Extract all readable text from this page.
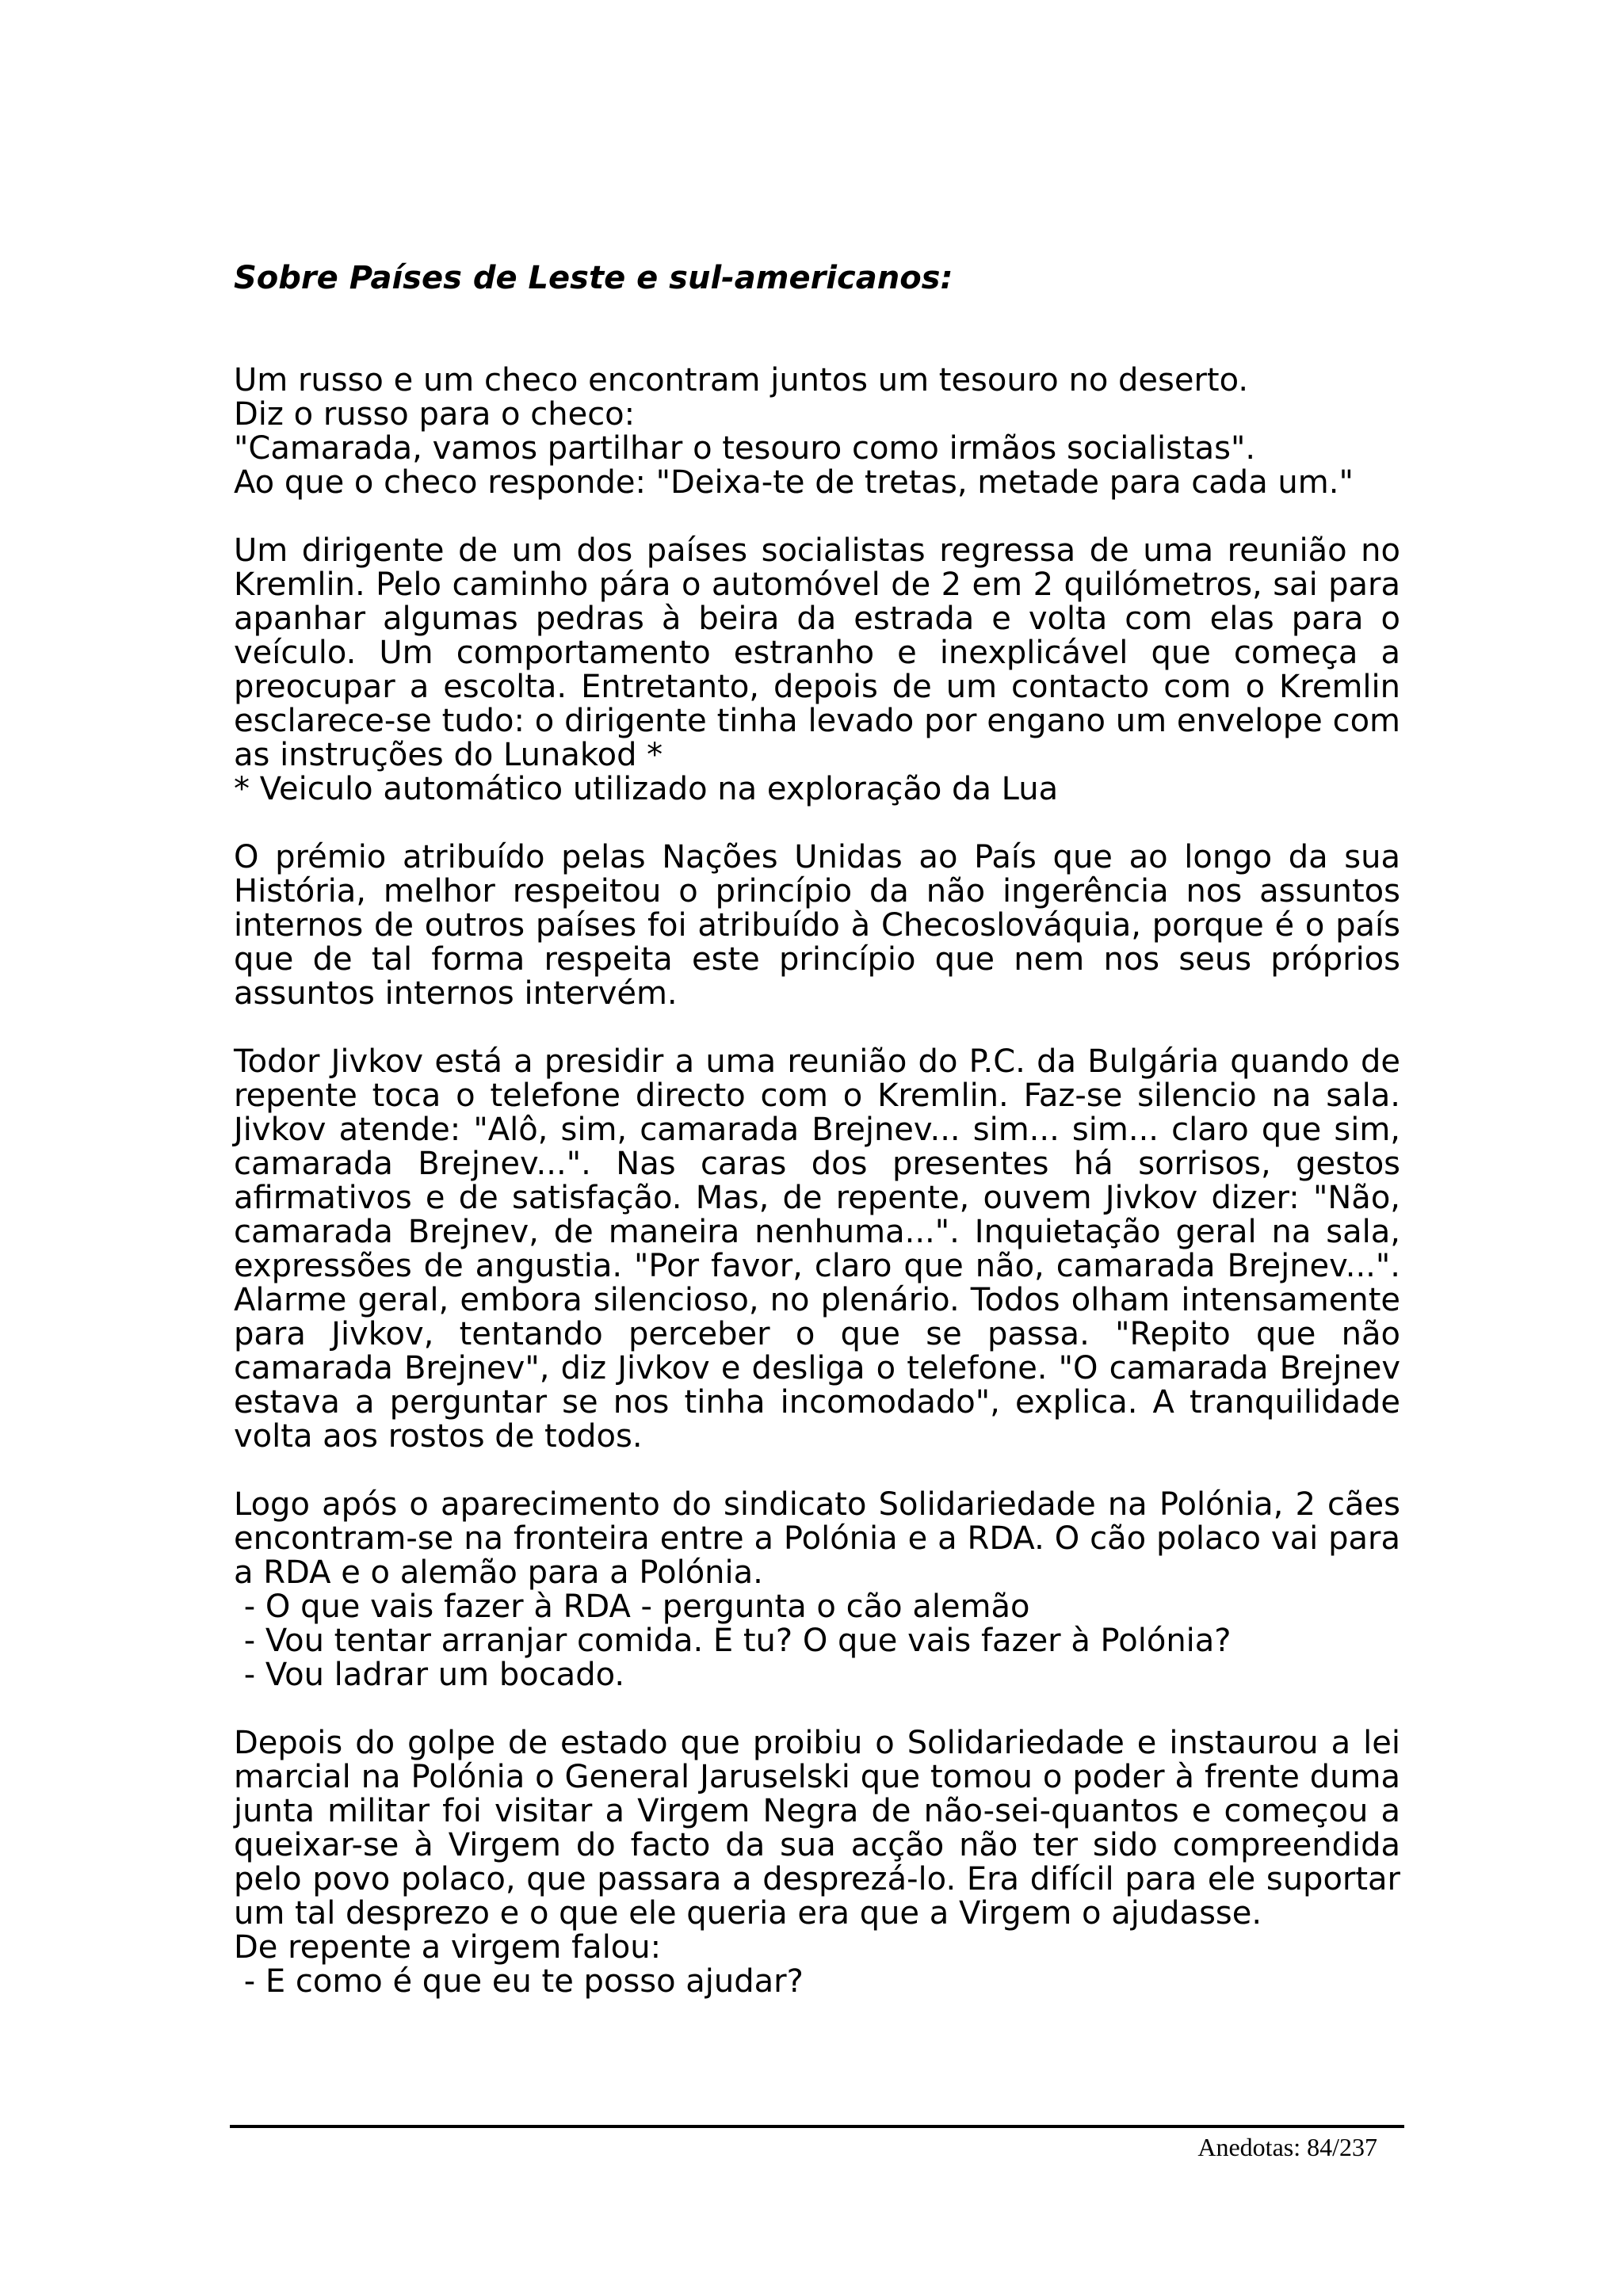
Sobre Países de Leste e sul-americanos:

Um russo e um checo encontram juntos um tesouro no deserto.

Diz o russo para o checo:

"Camarada, vamos partilhar o tesouro como irmãos socialistas".

Ao que o checo responde: "Deixa-te de tretas, metade para cada um."

Um dirigente de um dos países socialistas regressa de uma reunião no Kremlin. Pelo caminho pára o automóvel de 2 em 2 quilómetros, sai para apanhar algumas pedras à beira da estrada e volta com elas para o veículo. Um comportamento estranho e inexplicável que começa a preocupar a escolta. Entretanto, depois de um contacto com o Kremlin esclarece-se tudo: o dirigente tinha levado por engano um envelope com as instruções do Lunakod *

* Veiculo automático utilizado na exploração da Lua

O prémio atribuído pelas Nações Unidas ao País que ao longo da sua História, melhor respeitou o princípio da não ingerência nos assuntos internos de outros países foi atribuído à Checoslováquia, porque é o país que de tal forma respeita este princípio que nem nos seus próprios assuntos internos intervém.

Todor Jivkov está a presidir a uma reunião do P.C. da Bulgária quando de repente toca o telefone directo com o Kremlin. Faz-se silencio na sala. Jivkov atende: "Alô, sim, camarada Brejnev... sim... sim... claro que sim, camarada Brejnev...". Nas caras dos presentes há sorrisos, gestos afirmativos e de satisfação. Mas, de repente, ouvem Jivkov dizer: "Não, camarada Brejnev, de maneira nenhuma...". Inquietação geral na sala, expressões de angustia. "Por favor, claro que não, camarada Brejnev...". Alarme geral, embora silencioso, no plenário. Todos olham intensamente para Jivkov, tentando perceber o que se passa. "Repito que não camarada Brejnev", diz Jivkov e desliga o telefone. "O camarada Brejnev estava a perguntar se nos tinha incomodado", explica. A tranquilidade volta aos rostos de todos.

Logo após o aparecimento do sindicato Solidariedade na Polónia, 2 cães encontram-se na fronteira entre a Polónia e a RDA. O cão polaco vai para a RDA e o alemão para a Polónia.

- O que vais fazer à RDA - pergunta o cão alemão

- Vou tentar arranjar comida. E tu? O que vais fazer à Polónia?

- Vou ladrar um bocado.

Depois do golpe de estado que proibiu o Solidariedade e instaurou a lei marcial na Polónia o General Jaruselski que tomou o poder à frente duma junta militar foi visitar a Virgem Negra de não-sei-quantos e começou a queixar-se à Virgem do facto da sua acção não ter sido compreendida pelo povo polaco, que passara a desprezá-lo. Era difícil para ele suportar um tal desprezo e o que ele queria era que a Virgem o ajudasse.

De repente a virgem falou:

- E como é que eu te posso ajudar?

Anedotas: 84/237
